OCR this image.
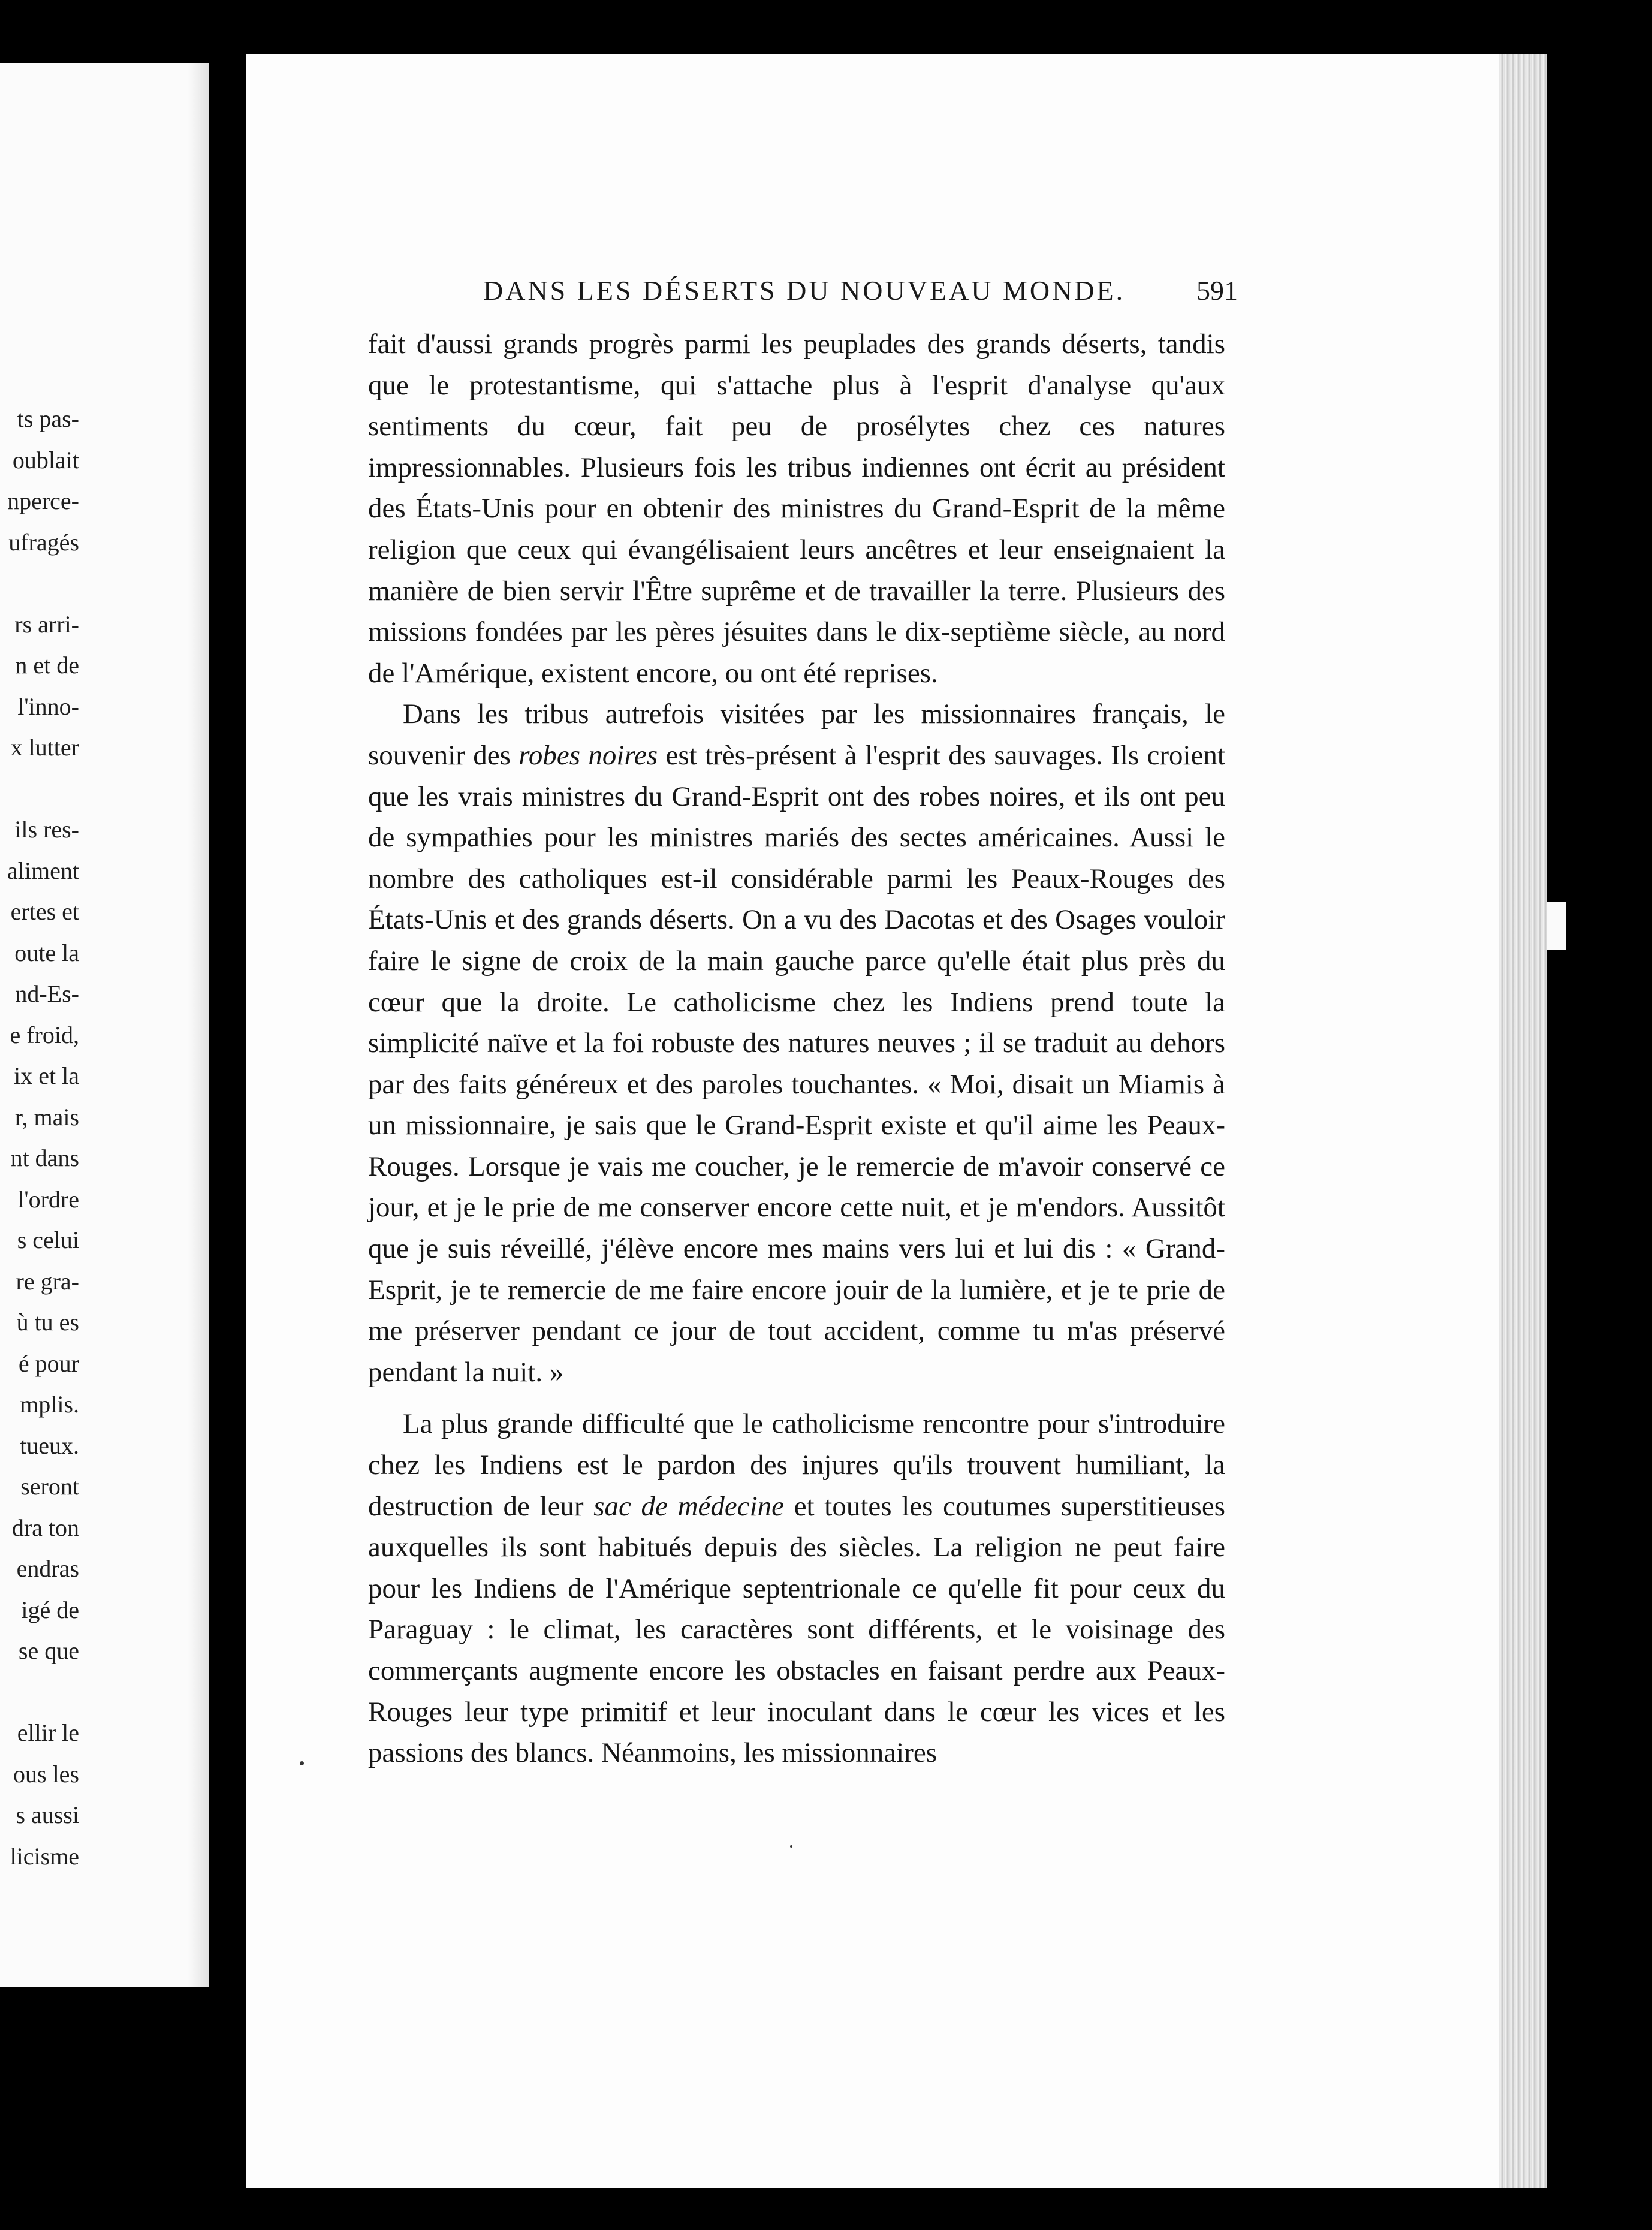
ts pas-
oublait
nperce-
ufragés
rs arri-
n et de
l'inno-
x lutter
ils res-
aliment
ertes et
oute la
nd-Es-
e froid,
ix et la
r, mais
nt dans
l'ordre
s celui
re gra-
ù tu es
é pour
mplis.
tueux.
seront
dra ton
endras
igé de
se que
ellir le
ous les
s aussi
licisme
DANS LES DÉSERTS DU NOUVEAU MONDE.	591

fait d'aussi grands progrès parmi les peuplades des grands déserts, tandis que le protestantisme, qui s'attache plus à l'esprit d'analyse qu'aux sentiments du cœur, fait peu de prosélytes chez ces natures impressionnables. Plusieurs fois les tribus indiennes ont écrit au président des États-Unis pour en obtenir des ministres du Grand-Esprit de la même religion que ceux qui évangélisaient leurs ancêtres et leur enseignaient la manière de bien servir l'Être suprême et de travailler la terre. Plusieurs des missions fondées par les pères jésuites dans le dix-septième siècle, au nord de l'Amérique, existent encore, ou ont été reprises.

Dans les tribus autrefois visitées par les missionnaires français, le souvenir des robes noires est très-présent à l'esprit des sauvages. Ils croient que les vrais ministres du Grand-Esprit ont des robes noires, et ils ont peu de sympathies pour les ministres mariés des sectes américaines. Aussi le nombre des catholiques est-il considérable parmi les Peaux-Rouges des États-Unis et des grands déserts. On a vu des Dacotas et des Osages vouloir faire le signe de croix de la main gauche parce qu'elle était plus près du cœur que la droite. Le catholicisme chez les Indiens prend toute la simplicité naïve et la foi robuste des natures neuves ; il se traduit au dehors par des faits généreux et des paroles touchantes. « Moi, disait un Miamis à un missionnaire, je sais que le Grand-Esprit existe et qu'il aime les Peaux-Rouges. Lorsque je vais me coucher, je le remercie de m'avoir conservé ce jour, et je le prie de me conserver encore cette nuit, et je m'endors. Aussitôt que je suis réveillé, j'élève encore mes mains vers lui et lui dis : « Grand-Esprit, je te remercie de me faire encore jouir de la lumière, et je te prie de me préserver pendant ce jour de tout accident, comme tu m'as préservé pendant la nuit. »

La plus grande difficulté que le catholicisme rencontre pour s'introduire chez les Indiens est le pardon des injures qu'ils trouvent humiliant, la destruction de leur sac de médecine et toutes les coutumes superstitieuses auxquelles ils sont habitués depuis des siècles. La religion ne peut faire pour les Indiens de l'Amérique septentrionale ce qu'elle fit pour ceux du Paraguay : le climat, les caractères sont différents, et le voisinage des commerçants augmente encore les obstacles en faisant perdre aux Peaux-Rouges leur type primitif et leur inoculant dans le cœur les vices et les passions des blancs. Néanmoins, les missionnaires
